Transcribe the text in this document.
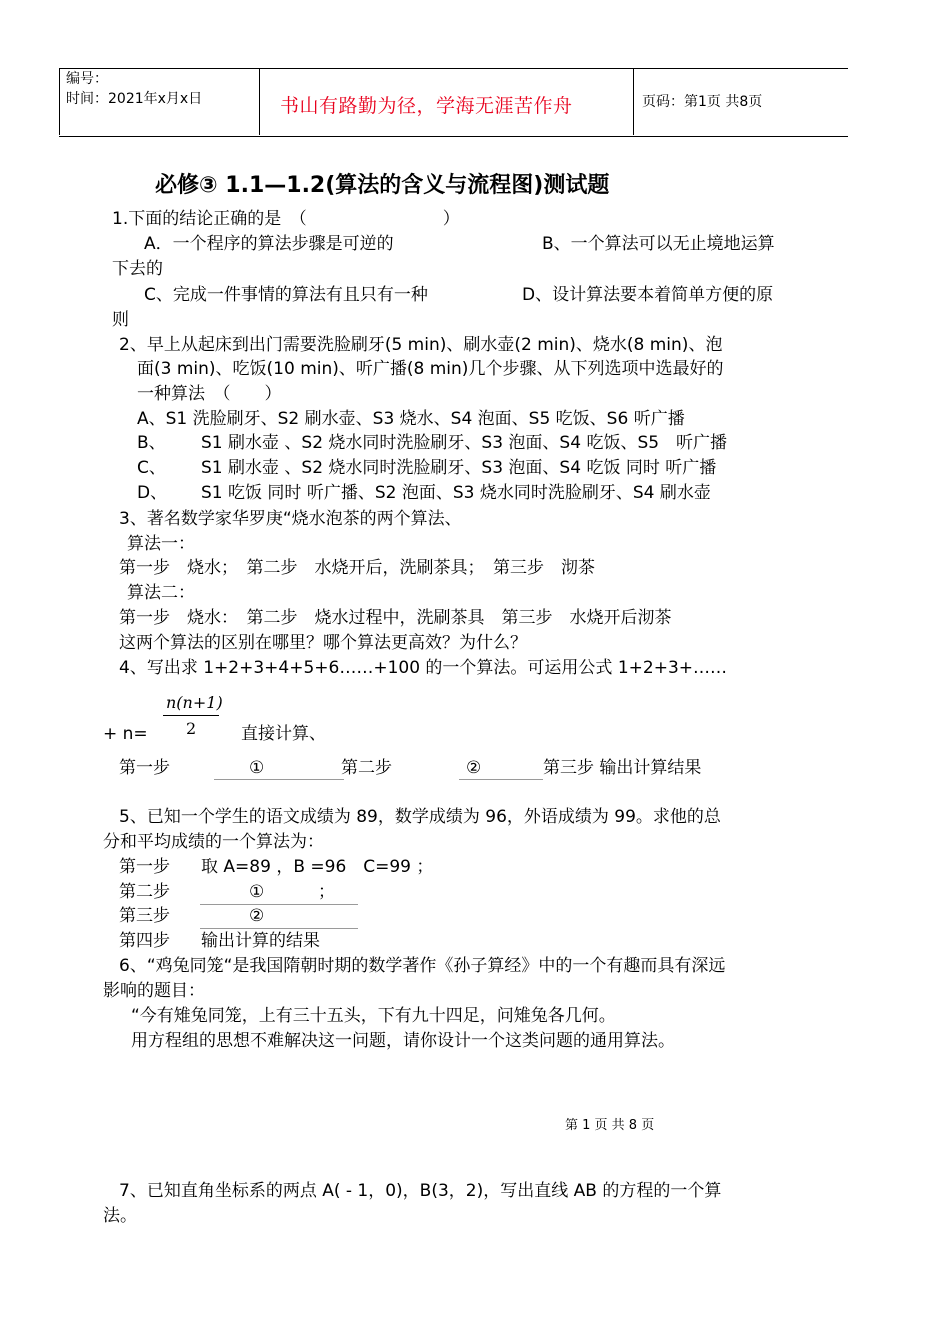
编号：
时间：2021年x月x日	书山有路勤为径，学海无涯苦作舟	页码：第1页 共8页
必修③ 1.1—1.2(算法的含义与流程图)测试题
1.下面的结论正确的是　（　　　　　　　　）
A．一个程序的算法步骤是可逆的	B、一个算法可以无止境地运算
下去的
C、完成一件事情的算法有且只有一种	D、设计算法要本着简单方便的原
则
2、早上从起床到出门需要洗脸刷牙(5 min)、刷水壶(2 min)、烧水(8 min)、泡
面(3 min)、吃饭(10 min)、听广播(8 min)几个步骤、从下列选项中选最好的
一种算法　（　　）
A、S1 洗脸刷牙、S2 刷水壶、S3 烧水、S4 泡面、S5 吃饭、S6 听广播
B、 S1 刷水壶 、S2 烧水同时洗脸刷牙、S3 泡面、S4 吃饭、S5　听广播
C、 S1 刷水壶 、S2 烧水同时洗脸刷牙、S3 泡面、S4 吃饭 同时 听广播
D、 S1 吃饭 同时 听广播、S2 泡面、S3 烧水同时洗脸刷牙、S4 刷水壶
3、著名数学家华罗庚“烧水泡茶的两个算法、
算法一：
第一步　烧水；　第二步　水烧开后，洗刷茶具；　第三步　沏茶
算法二：
第一步　烧水：　第二步　烧水过程中，洗刷茶具　第三步　水烧开后沏茶
这两个算法的区别在哪里？哪个算法更高效？为什么？
4、写出求 1+2+3+4+5+6……+100 的一个算法。可运用公式 1+2+3+……
n(n+1)
2
+ n=	直接计算、
第一步	①	第二步	②	第三步 输出计算结果
5、已知一个学生的语文成绩为 89，数学成绩为 96，外语成绩为 99。求他的总
分和平均成绩的一个算法为：
第一步 取 A=89 ，B =96　C=99 ；
第二步	①	；
第三步	②
第四步 输出计算的结果
6、“鸡兔同笼“是我国隋朝时期的数学著作《孙子算经》中的一个有趣而具有深远
影响的题目：
“今有雉兔同笼，上有三十五头，下有九十四足，问雉兔各几何。
用方程组的思想不难解决这一问题，请你设计一个这类问题的通用算法。
第 1 页 共 8 页
7、已知直角坐标系的两点 A( - 1，0)，B(3，2)，写出直线 AB 的方程的一个算
法。
